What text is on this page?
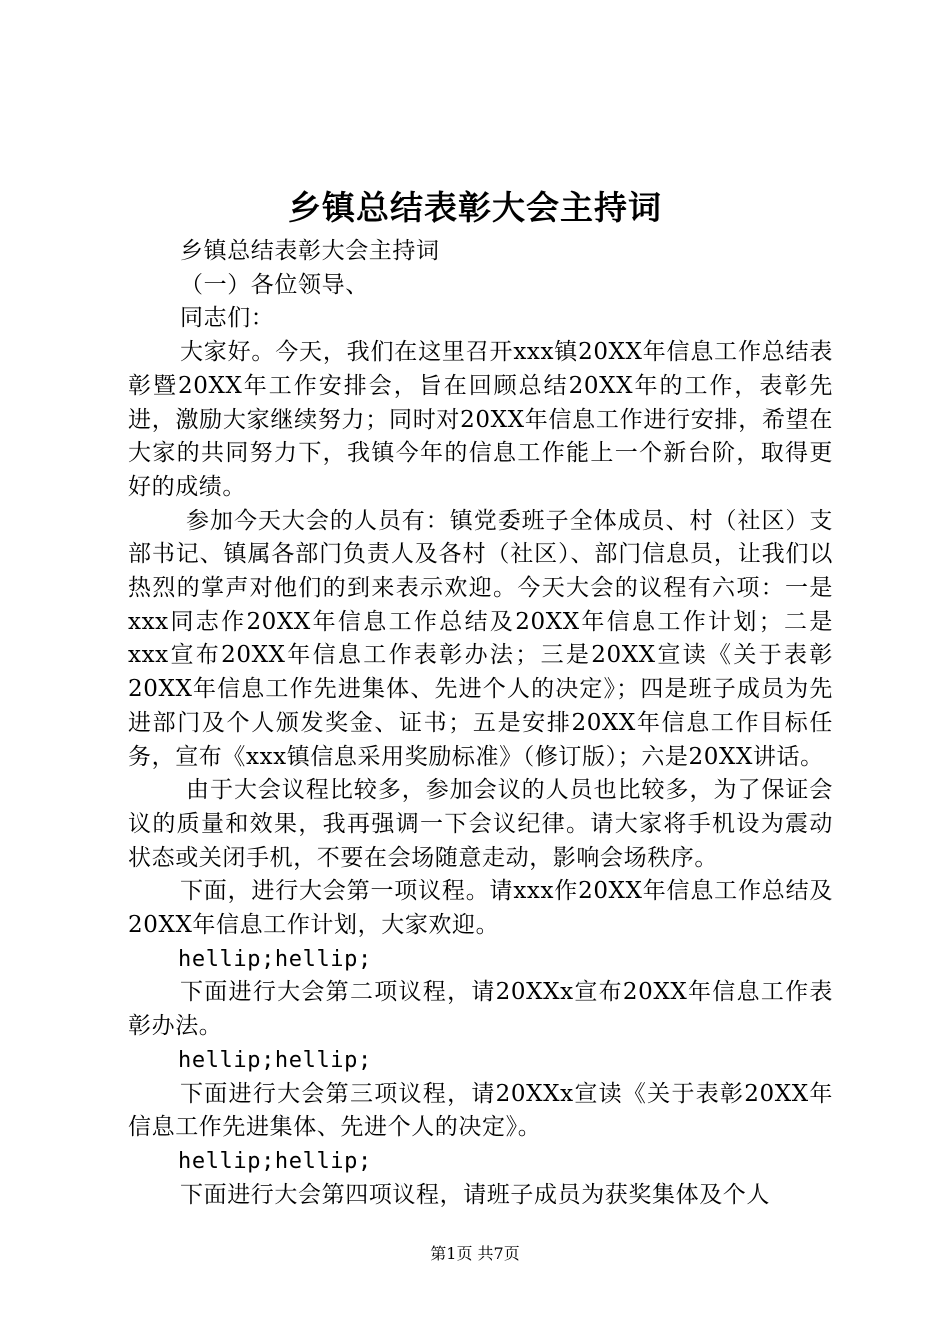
乡镇总结表彰大会主持词

乡镇总结表彰大会主持词

（一）各位领导、

同志们：

大家好。今天，我们在这里召开xxx镇20XX年信息工作总结表彰暨20XX年工作安排会，旨在回顾总结20XX年的工作，表彰先进，激励大家继续努力；同时对20XX年信息工作进行安排，希望在大家的共同努力下，我镇今年的信息工作能上一个新台阶，取得更好的成绩。

参加今天大会的人员有：镇党委班子全体成员、村（社区）支部书记、镇属各部门负责人及各村（社区）、部门信息员，让我们以热烈的掌声对他们的到来表示欢迎。今天大会的议程有六项：一是xxx同志作20XX年信息工作总结及20XX年信息工作计划；二是xxx宣布20XX年信息工作表彰办法；三是20XX宣读《关于表彰20XX年信息工作先进集体、先进个人的决定》；四是班子成员为先进部门及个人颁发奖金、证书；五是安排20XX年信息工作目标任务，宣布《xxx镇信息采用奖励标准》（修订版）；六是20XX讲话。

由于大会议程比较多，参加会议的人员也比较多，为了保证会议的质量和效果，我再强调一下会议纪律。请大家将手机设为震动状态或关闭手机，不要在会场随意走动，影响会场秩序。

下面，进行大会第一项议程。请xxx作20XX年信息工作总结及20XX年信息工作计划，大家欢迎。

hellip;hellip;

下面进行大会第二项议程，请20XXx宣布20XX年信息工作表彰办法。

hellip;hellip;

下面进行大会第三项议程，请20XXx宣读《关于表彰20XX年信息工作先进集体、先进个人的决定》。

hellip;hellip;

下面进行大会第四项议程，请班子成员为获奖集体及个人

第1页 共7页
